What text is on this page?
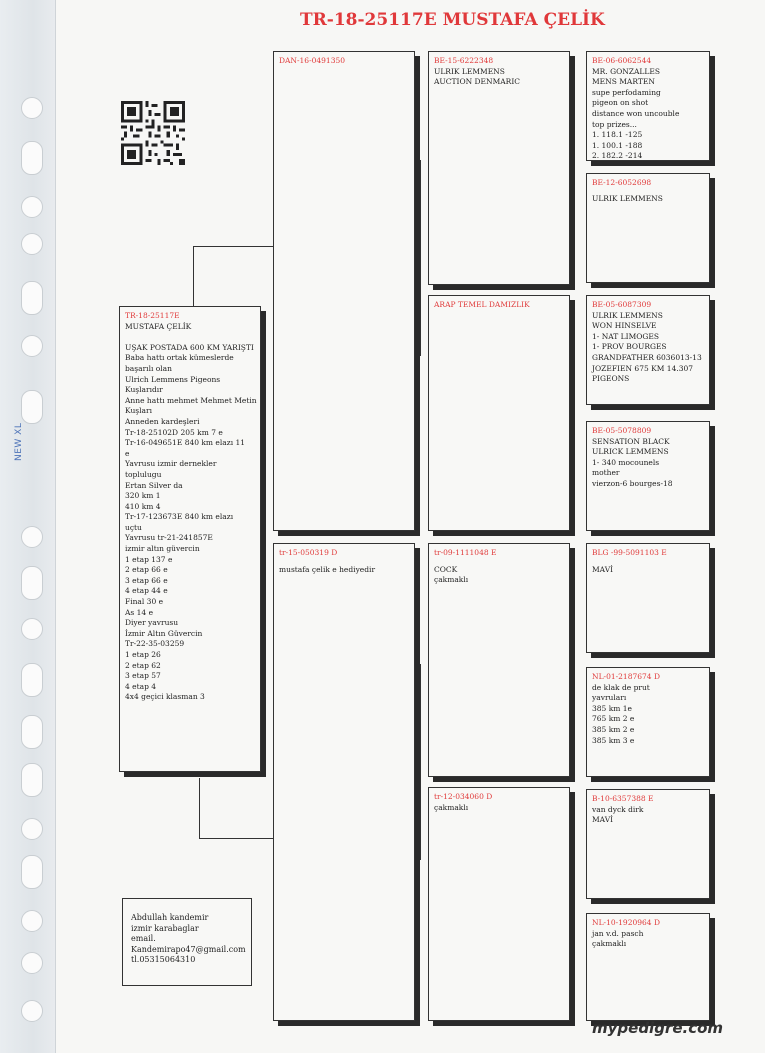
NEW XL
TR-18-25117E MUSTAFA ÇELİK
TR-18-25117E
MUSTAFA ÇELİK

UŞAK POSTADA 600 KM YARIŞTI
Baba hattı ortak kümeslerde
başarılı olan
Ulrich Lemmens Pigeons
Kuşlarıdır
Anne hattı mehmet Mehmet Metin
Kuşları
Anneden kardeşleri
Tr-18-25102D 205 km 7 e
Tr-16-049651E 840 km elazı 11
e
Yavrusu izmir dernekler
toplulugu
Ertan Silver da
320 km 1
410 km 4
Tr-17-123673E 840 km elazı
uçtu
Yavrusu tr-21-241857E
izmir altın güvercin
1 etap 137 e
2 etap 66 e
3 etap 66 e
4 etap 44 e
Final 30 e
As 14 e
Diyer yavrusu
İzmir Altın Güvercin
Tr-22-35-03259
1 etap 26
2 etap 62
3 etap 57
4 etap 4
4x4 geçici klasman 3
Abdullah kandemir
izmir karabaglar
email.
Kandemirapo47@gmail.com
tl.05315064310
DAN-16-0491350
tr-15-050319 D
mustafa çelik e hediyedir
BE-15-6222348
ULRIK LEMMENS
AUCTION DENMARIC
ARAP TEMEL DAMIZLIK
tr-09-1111048 E
COCK
çakmaklı
tr-12-034060 D
çakmaklı
BE-06-6062544
MR. GONZALLES
MENS MARTEN
supe perfodaming
pigeon on shot
distance won uncouble
top prizes...
1. 118.1 -125
1. 100.1 -188
2. 182.2 -214
BE-12-6052698
ULRIK LEMMENS
BE-05-6087309
ULRIK LEMMENS
WON HINSELVE
1- NAT LIMOGES
1- PROV BOURGES
GRANDFATHER 6036013-13
JOZEFIEN 675 KM 14.307
PIGEONS
BE-05-5078809
SENSATION BLACK
ULRICK LEMMENS
1- 340 mocounels
mother
vierzon-6 bourges-18
BLG -99-5091103 E
MAVİ
NL-01-2187674 D
de klak de prut
yavruları
385 km 1e
765 km 2 e
385 km 2 e
385 km 3 e
B-10-6357388 E
van dyck dirk
MAVİ
NL-10-1920964 D
jan v.d. pasch
çakmaklı
mypedigre.com
